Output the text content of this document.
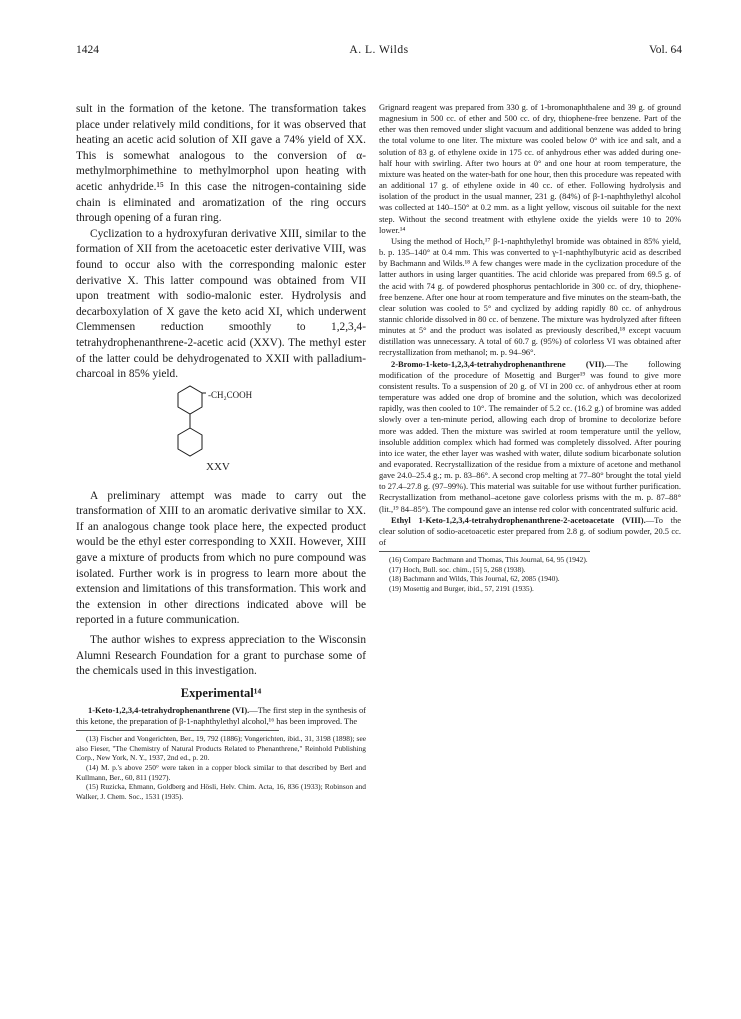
1424	A. L. Wilds	Vol. 64

sult in the formation of the ketone. The transformation takes place under relatively mild conditions, for it was observed that heating an acetic acid solution of XII gave a 74% yield of XX. This is somewhat analogous to the conversion of α-methylmorphimethine to methylmorphol upon heating with acetic anhydride.¹⁵ In this case the nitrogen-containing side chain is eliminated and aromatization of the ring occurs through opening of a furan ring.

Cyclization to a hydroxyfuran derivative XIII, similar to the formation of XII from the acetoacetic ester derivative VIII, was found to occur also with the corresponding malonic ester derivative X. This latter compound was obtained from VII upon treatment with sodio-malonic ester. Hydrolysis and decarboxylation of X gave the keto acid XI, which underwent Clemmensen reduction smoothly to 1,2,3,4-tetrahydrophenanthrene-2-acetic acid (XXV). The methyl ester of the latter could be dehydrogenated to XXII with palladium-charcoal in 85% yield.

-CH₂COOH
XXV

A preliminary attempt was made to carry out the transformation of XIII to an aromatic derivative similar to XX. If an analogous change took place here, the expected product would be the ethyl ester corresponding to XXII. However, XIII gave a mixture of products from which no pure compound was isolated. Further work is in progress to learn more about the extension and limitations of this transformation. This work and the extension in other directions indicated above will be reported in a future communication.

The author wishes to express appreciation to the Wisconsin Alumni Research Foundation for a grant to purchase some of the chemicals used in this investigation.

Experimental¹⁴

1-Keto-1,2,3,4-tetrahydrophenanthrene (VI).—The first step in the synthesis of this ketone, the preparation of β-1-naphthylethyl alcohol,¹⁶ has been improved. The

(13) Fischer and Vongerichten, Ber., 19, 792 (1886); Vongerichten, ibid., 31, 3198 (1898); see also Fieser, "The Chemistry of Natural Products Related to Phenanthrene," Reinhold Publishing Corp., New York, N. Y., 1937, 2nd ed., p. 20.

(14) M. p.'s above 250° were taken in a copper block similar to that described by Berl and Kullmann, Ber., 60, 811 (1927).

(15) Ruzicka, Ehmann, Goldberg and Hösli, Helv. Chim. Acta, 16, 836 (1933); Robinson and Walker, J. Chem. Soc., 1531 (1935).

Grignard reagent was prepared from 330 g. of 1-bromonaphthalene and 39 g. of ground magnesium in 500 cc. of ether and 500 cc. of dry, thiophene-free benzene. Part of the ether was then removed under slight vacuum and additional benzene was added to bring the total volume to one liter. The mixture was cooled below 0° with ice and salt, and a solution of 83 g. of ethylene oxide in 175 cc. of anhydrous ether was added during one-half hour with swirling. After two hours at 0° and one hour at room temperature, the mixture was heated on the water-bath for one hour, then this procedure was repeated with an additional 17 g. of ethylene oxide in 40 cc. of ether. Following hydrolysis and isolation of the product in the usual manner, 231 g. (84%) of β-1-naphthylethyl alcohol was collected at 140–150° at 0.2 mm. as a light yellow, viscous oil suitable for the next step. Without the second treatment with ethylene oxide the yields were 10 to 20% lower.¹⁴

Using the method of Hoch,¹⁷ β-1-naphthylethyl bromide was obtained in 85% yield, b. p. 135–140° at 0.4 mm. This was converted to γ-1-naphthylbutyric acid as described by Bachmann and Wilds.¹⁸ A few changes were made in the cyclization procedure of the latter authors in using larger quantities. The acid chloride was prepared from 69.5 g. of the acid with 74 g. of powdered phosphorus pentachloride in 300 cc. of dry, thiophene-free benzene. After one hour at room temperature and five minutes on the steam-bath, the clear solution was cooled to 5° and cyclized by adding rapidly 80 cc. of anhydrous stannic chloride dissolved in 80 cc. of benzene. The mixture was hydrolyzed after fifteen minutes at 5° and the product was isolated as previously described,¹⁸ except vacuum distillation was unnecessary. A total of 60.7 g. (95%) of colorless VI was obtained after recrystallization from methanol; m. p. 94–96°.

2-Bromo-1-keto-1,2,3,4-tetrahydrophenanthrene (VII).—The following modification of the procedure of Mosettig and Burger¹⁹ was found to give more consistent results. To a suspension of 20 g. of VI in 200 cc. of anhydrous ether at room temperature was added one drop of bromine and the solution, which was decolorized rapidly, was then cooled to 10°. The remainder of 5.2 cc. (16.2 g.) of bromine was added slowly over a ten-minute period, allowing each drop of bromine to decolorize before more was added. Then the mixture was swirled at room temperature until the yellow, insoluble addition complex which had formed was completely dissolved. After pouring into ice water, the ether layer was washed with water, dilute sodium bicarbonate solution and evaporated. Recrystallization of the residue from a mixture of acetone and methanol gave 24.0–25.4 g.; m. p. 83–86°. A second crop melting at 77–80° brought the total yield to 27.4–27.8 g. (97–99%). This material was suitable for use without further purification. Recrystallization from methanol–acetone gave colorless prisms with the m. p. 87–88° (lit.,¹⁹ 84–85°). The compound gave an intense red color with concentrated sulfuric acid.

Ethyl 1-Keto-1,2,3,4-tetrahydrophenanthrene-2-acetoacetate (VIII).—To the clear solution of sodio-acetoacetic ester prepared from 2.8 g. of sodium powder, 20.5 cc. of

(16) Compare Bachmann and Thomas, This Journal, 64, 95 (1942).

(17) Hoch, Bull. soc. chim., [5] 5, 268 (1938).

(18) Bachmann and Wilds, This Journal, 62, 2085 (1940).

(19) Mosettig and Burger, ibid., 57, 2191 (1935).
